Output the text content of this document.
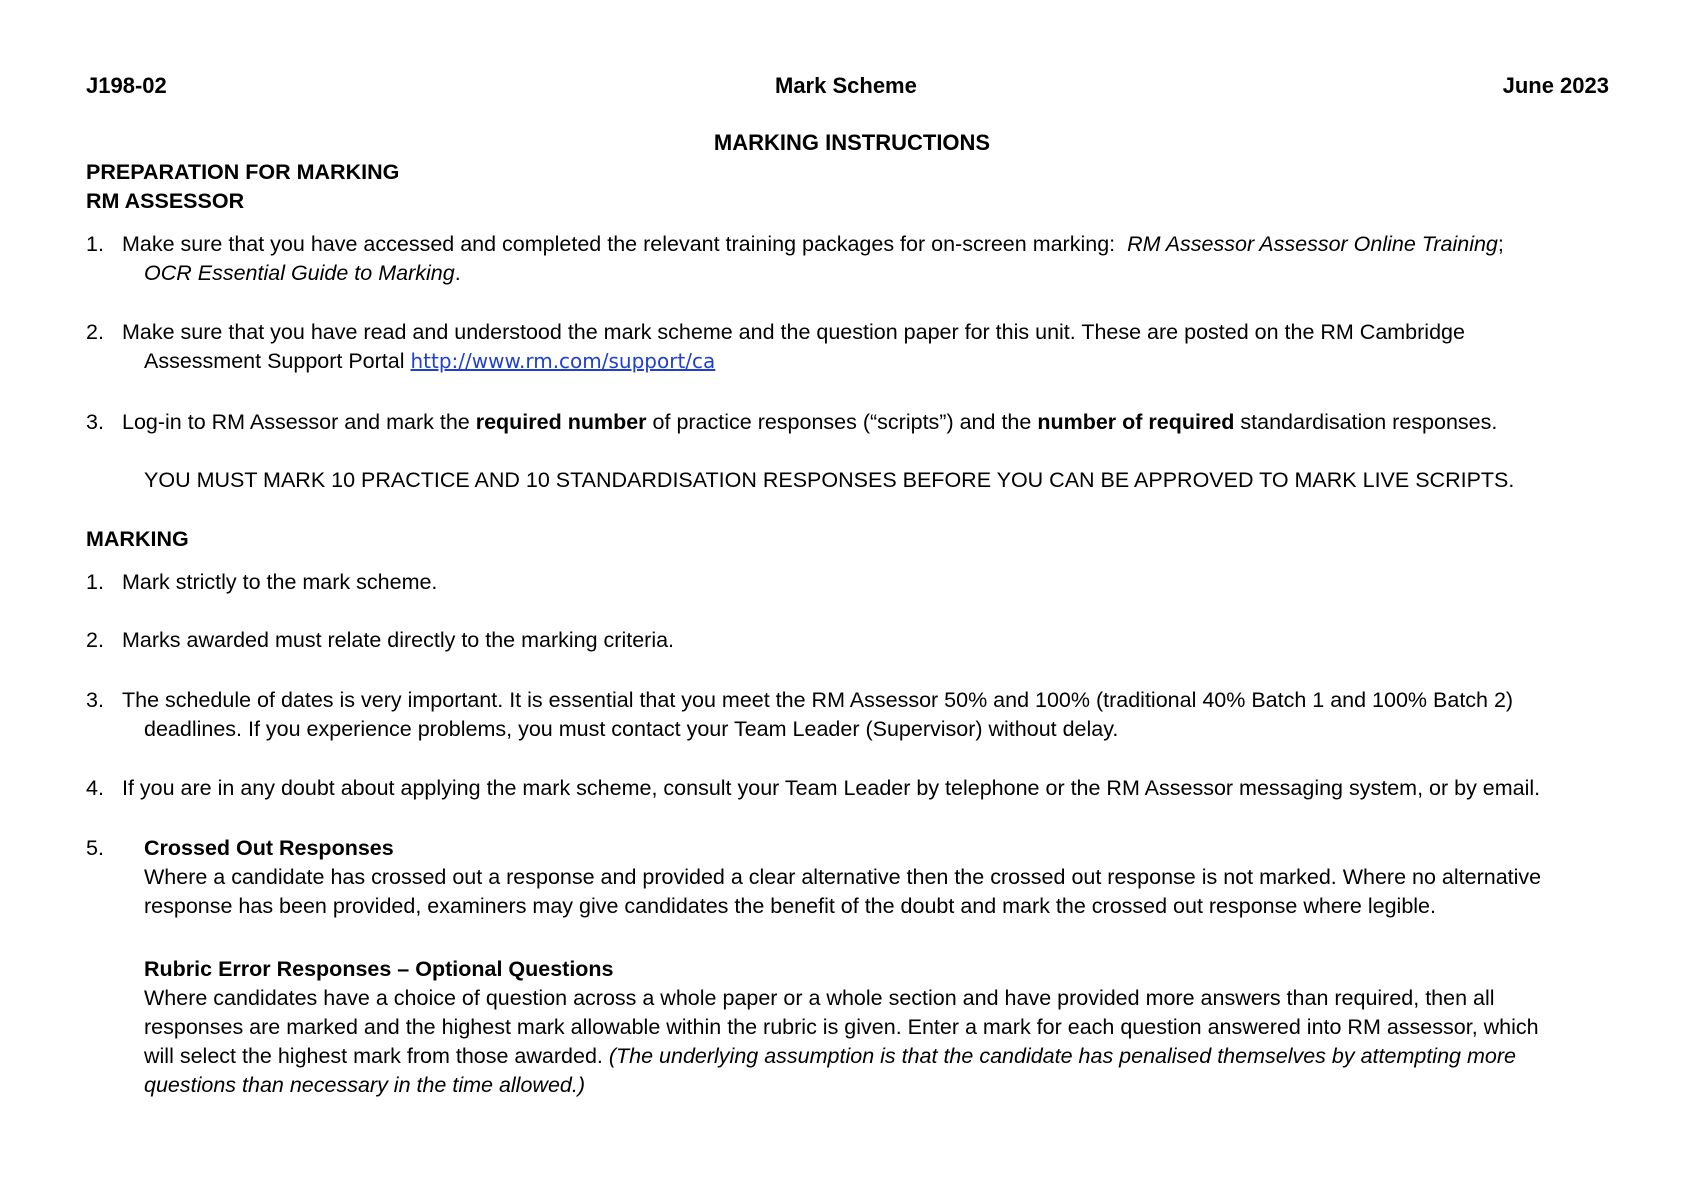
J198-02	Mark Scheme	June 2023
MARKING INSTRUCTIONS
PREPARATION FOR MARKING
RM ASSESSOR
1. Make sure that you have accessed and completed the relevant training packages for on-screen marking:  RM Assessor Assessor Online Training;
OCR Essential Guide to Marking.
2. Make sure that you have read and understood the mark scheme and the question paper for this unit. These are posted on the RM Cambridge
Assessment Support Portal http://www.rm.com/support/ca
3. Log-in to RM Assessor and mark the required number of practice responses (“scripts”) and the number of required standardisation responses.
YOU MUST MARK 10 PRACTICE AND 10 STANDARDISATION RESPONSES BEFORE YOU CAN BE APPROVED TO MARK LIVE SCRIPTS.
MARKING
1. Mark strictly to the mark scheme.
2. Marks awarded must relate directly to the marking criteria.
3. The schedule of dates is very important. It is essential that you meet the RM Assessor 50% and 100% (traditional 40% Batch 1 and 100% Batch 2)
deadlines. If you experience problems, you must contact your Team Leader (Supervisor) without delay.
4. If you are in any doubt about applying the mark scheme, consult your Team Leader by telephone or the RM Assessor messaging system, or by email.
5. Crossed Out Responses
Where a candidate has crossed out a response and provided a clear alternative then the crossed out response is not marked. Where no alternative
response has been provided, examiners may give candidates the benefit of the doubt and mark the crossed out response where legible.
Rubric Error Responses – Optional Questions
Where candidates have a choice of question across a whole paper or a whole section and have provided more answers than required, then all
responses are marked and the highest mark allowable within the rubric is given. Enter a mark for each question answered into RM assessor, which
will select the highest mark from those awarded. (The underlying assumption is that the candidate has penalised themselves by attempting more
questions than necessary in the time allowed.)
